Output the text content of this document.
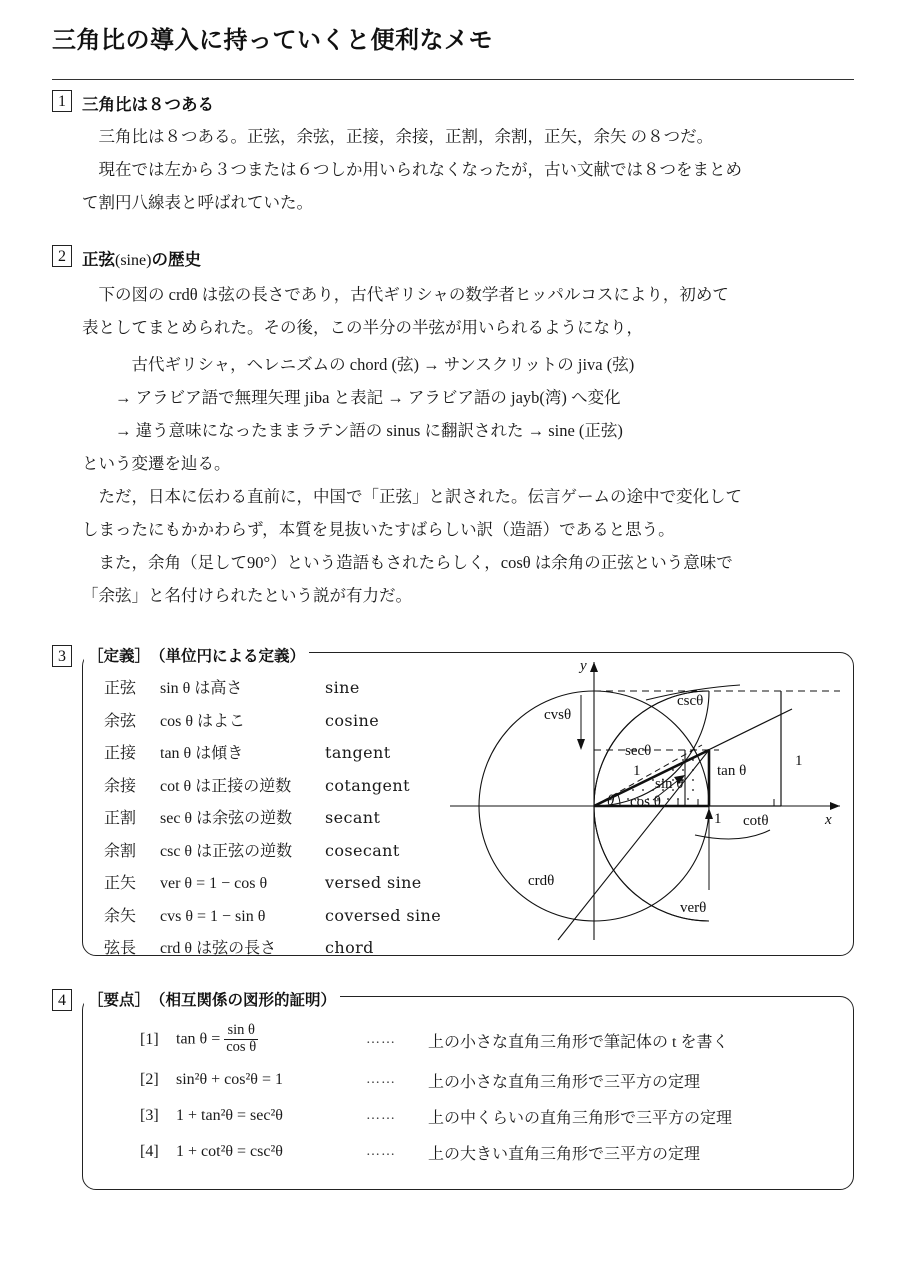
三角比の導入に持っていくと便利なメモ
1 三角比は８つある
　三角比は８つある。正弦，余弦，正接，余接，正割，余割，正矢，余矢 の８つだ。
　現在では左から３つまたは６つしか用いられなくなったが，古い文献では８つをまとめ
て割円八線表と呼ばれていた。
2 正弦(sine)の歴史
　下の図の crdθ は弦の長さであり，古代ギリシャの数学者ヒッパルコスにより，初めて
表としてまとめられた。その後，この半分の半弦が用いられるようになり，
　　　古代ギリシャ，ヘレニズムの chord (弦) → サンスクリットの jiva (弦)
　　→ アラビア語で無理矢理 jiba と表記 → アラビア語の jayb(湾) へ変化
　　→ 違う意味になったままラテン語の sinus に翻訳された → sine (正弦)
という変遷を辿る。
　ただ，日本に伝わる直前に，中国で「正弦」と訳された。伝言ゲームの途中で変化して
しまったにもかかわらず，本質を見抜いたすばらしい訳（造語）であると思う。
　また，余角（足して90°）という造語もされたらしく，cosθ は余角の正弦という意味で
「余弦」と名付けられたという説が有力だ。
3	［定義］　（単位円による定義）
正弦	sin θ は高さ	sine
余弦	cos θ はよこ	cosine
正接	tan θ は傾き	tangent
余接	cot θ は正接の逆数	cotangent
正割	sec θ は余弦の逆数	secant
余割	csc θ は正弦の逆数	cosecant
正矢	ver θ = 1 − cos θ	versed sine
余矢	cvs θ = 1 − sin θ	coversed sine
弦長	crd θ は弦の長さ	chord
y
x
cvsθ
cscθ
secθ
tan θ
sin θ
cos θ
cotθ
crdθ
verθ
θ
1
1
1
4	［要点］　（相互関係の図形的証明）
[1]	$\tan \theta = \frac{\text{sin θ}}{\text{cos θ}}$	……	上の小さな直角三角形で筆記体の t を書く
[2]	sin²θ + cos²θ = 1	……	上の小さな直角三角形で三平方の定理
[3]	1 + tan²θ = sec²θ	……	上の中くらいの直角三角形で三平方の定理
[4]	1 + cot²θ = csc²θ	……	上の大きい直角三角形で三平方の定理
